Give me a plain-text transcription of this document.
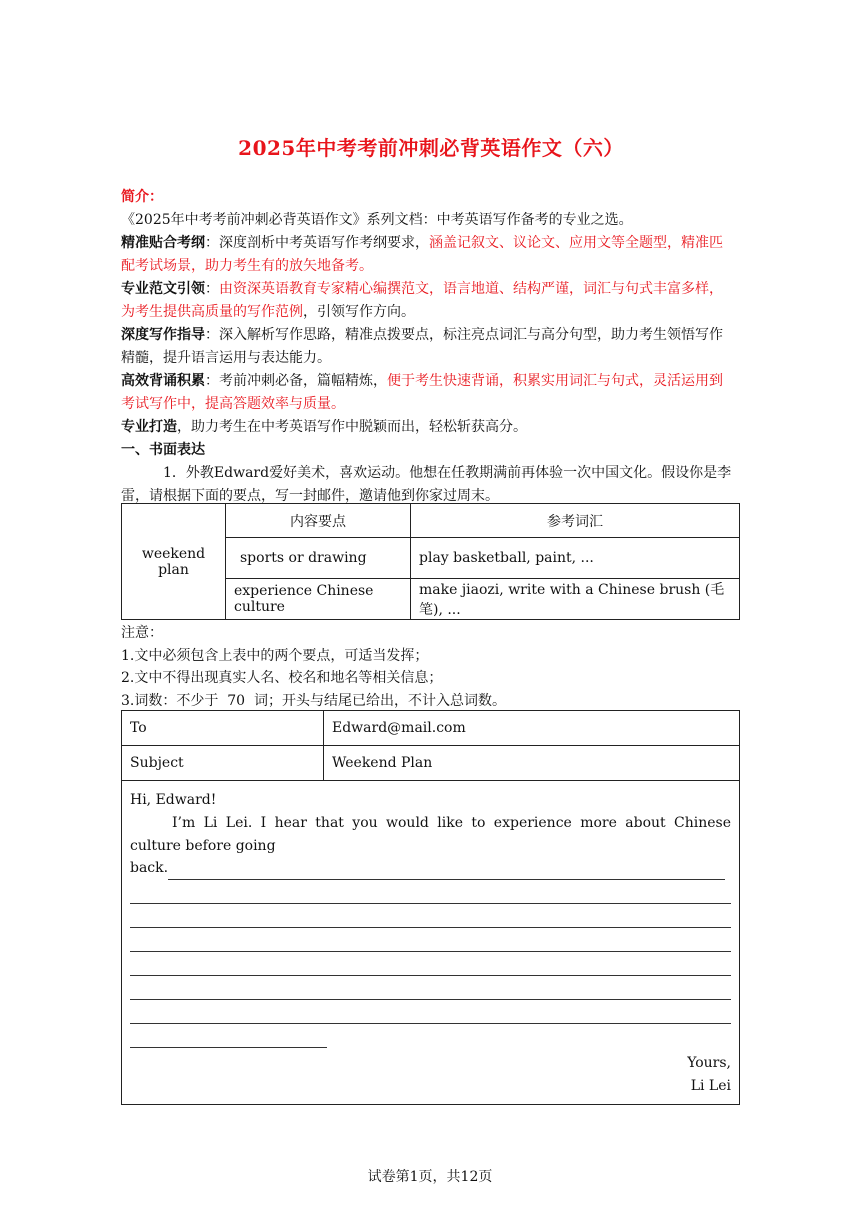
2025年中考考前冲刺必背英语作文（六）

简介：

《2025年中考考前冲刺必背英语作文》系列文档：中考英语写作备考的专业之选。

精准贴合考纲：深度剖析中考英语写作考纲要求，涵盖记叙文、议论文、应用文等全题型，精准匹配考试场景，助力考生有的放矢地备考。

专业范文引领：由资深英语教育专家精心编撰范文，语言地道、结构严谨，词汇与句式丰富多样，为考生提供高质量的写作范例，引领写作方向。

深度写作指导：深入解析写作思路，精准点拨要点，标注亮点词汇与高分句型，助力考生领悟写作精髓，提升语言运用与表达能力。

高效背诵积累：考前冲刺必备，篇幅精炼，便于考生快速背诵，积累实用词汇与句式，灵活运用到考试写作中，提高答题效率与质量。

专业打造，助力考生在中考英语写作中脱颖而出，轻松斩获高分。

一、书面表达

1．外教Edward爱好美术，喜欢运动。他想在任教期满前再体验一次中国文化。假设你是李雷，请根据下面的要点，写一封邮件，邀请他到你家过周末。

weekend plan	内容要点	参考词汇
	sports or drawing	play basketball, paint, ...
	experience Chinese culture	make jiaozi, write with a Chinese brush (毛笔), ...

注意：

1.文中必须包含上表中的两个要点，可适当发挥；

2.文中不得出现真实人名、校名和地名等相关信息；

3.词数：不少于  70  词；开头与结尾已给出，不计入总词数。

To	Edward@mail.com
Subject	Weekend Plan

Hi, Edward!

I’m Li Lei. I hear that you would like to experience more about Chinese culture before going

back.

Yours,

Li Lei	

试卷第1页，共12页
